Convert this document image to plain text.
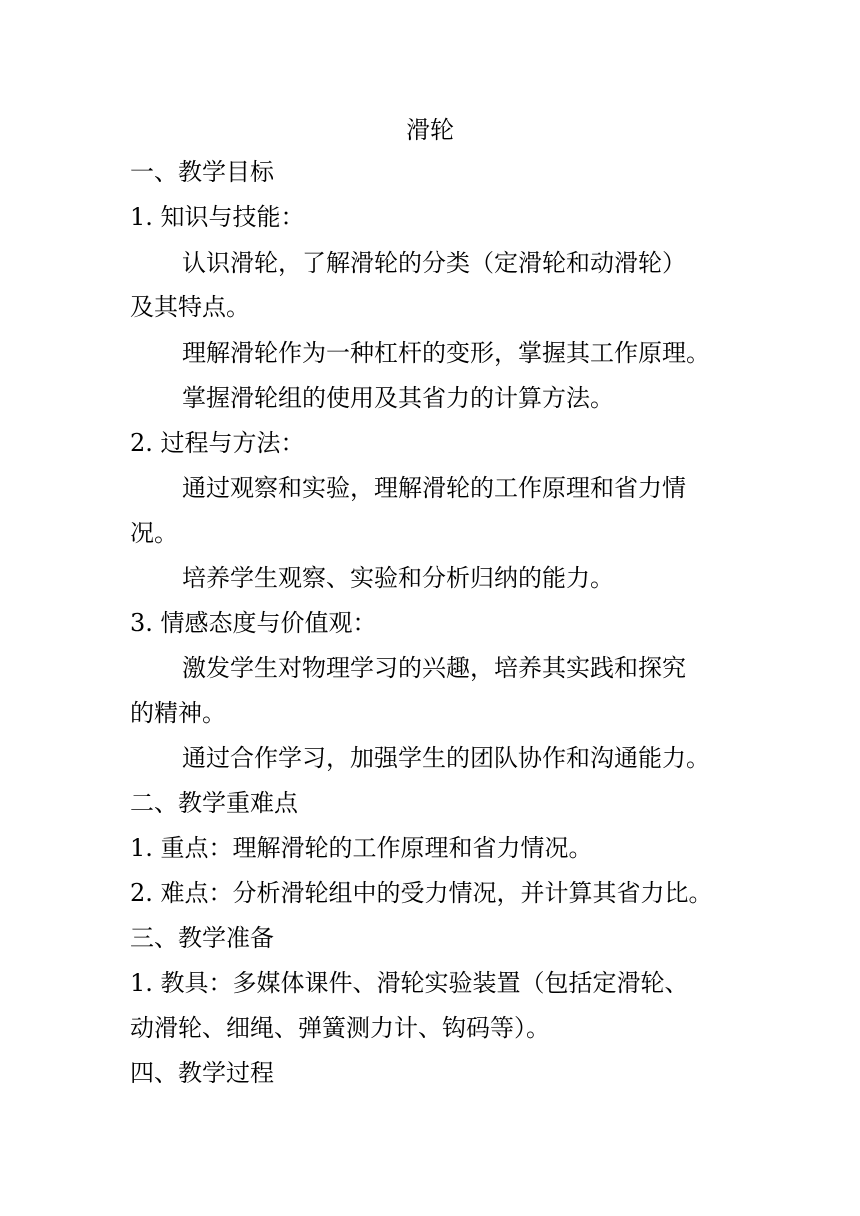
滑轮
一、教学目标
1. 知识与技能：
认识滑轮，了解滑轮的分类（定滑轮和动滑轮）
及其特点。
理解滑轮作为一种杠杆的变形，掌握其工作原理。
掌握滑轮组的使用及其省力的计算方法。
2. 过程与方法：
通过观察和实验，理解滑轮的工作原理和省力情
况。
培养学生观察、实验和分析归纳的能力。
3. 情感态度与价值观：
激发学生对物理学习的兴趣，培养其实践和探究
的精神。
通过合作学习，加强学生的团队协作和沟通能力。
二、教学重难点
1. 重点：理解滑轮的工作原理和省力情况。
2. 难点：分析滑轮组中的受力情况，并计算其省力比。
三、教学准备
1. 教具：多媒体课件、滑轮实验装置（包括定滑轮、
动滑轮、细绳、弹簧测力计、钩码等）。
四、教学过程
